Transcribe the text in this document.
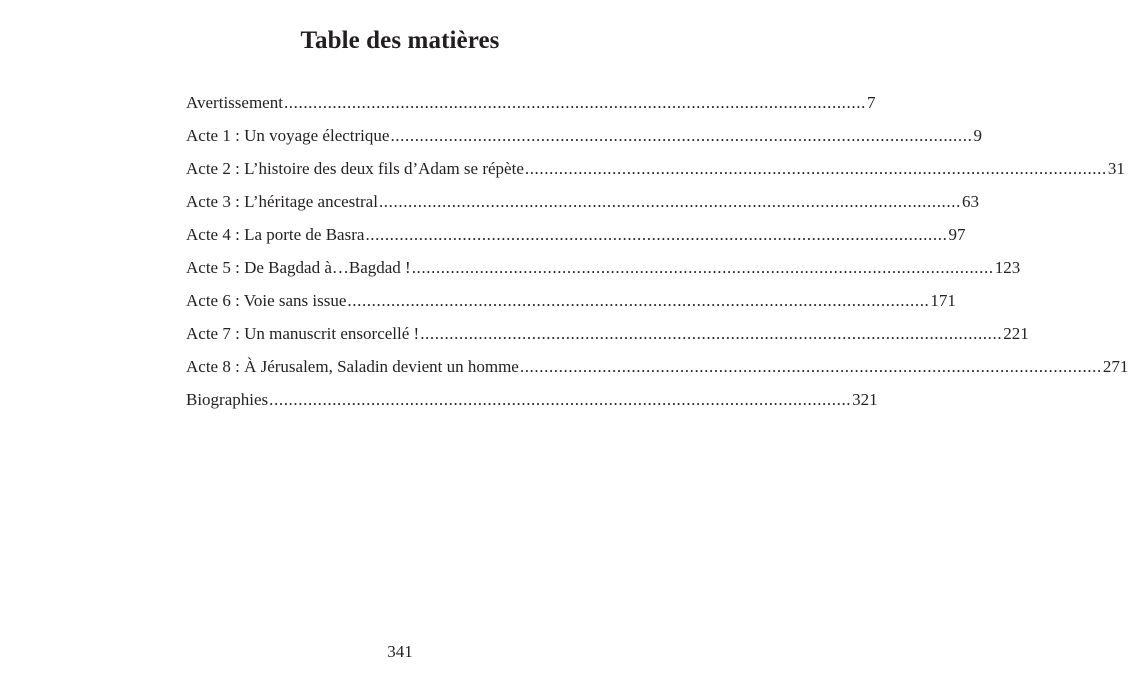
Table des matières
Avertissement ........................................................................................................................ 7
Acte 1 : Un voyage électrique ........................................................................................................................ 9
Acte 2 : L’histoire des deux fils d’Adam se répète ........................................................................................................................ 31
Acte 3 : L’héritage ancestral ........................................................................................................................ 63
Acte 4 : La porte de Basra ........................................................................................................................ 97
Acte 5 : De Bagdad à…Bagdad ! ........................................................................................................................ 123
Acte 6 : Voie sans issue ........................................................................................................................ 171
Acte 7 : Un manuscrit ensorcellé ! ........................................................................................................................ 221
Acte 8 : À Jérusalem, Saladin devient un homme ........................................................................................................................ 271
Biographies ........................................................................................................................ 321
341
